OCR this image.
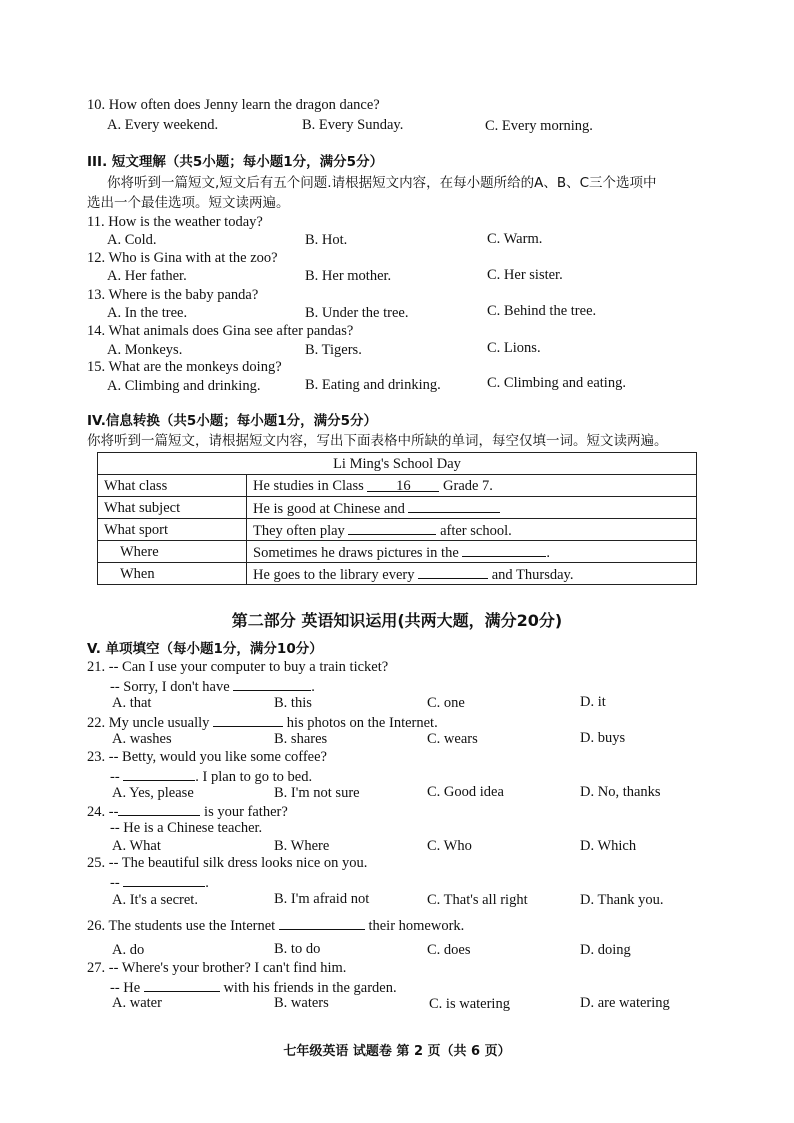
10. How often does Jenny learn the dragon dance?
A. Every weekend.	B. Every Sunday.	C. Every morning.
III. 短文理解（共5小题；每小题1分，满分5分）
你将听到一篇短文,短文后有五个问题.请根据短文内容，在每小题所给的A、B、C三个选项中
选出一个最佳选项。短文读两遍。
11. How is the weather today?
A. Cold.	B. Hot.	C. Warm.
12. Who is Gina with at the zoo?
A. Her father.	B. Her mother.	C. Her sister.
13. Where is the baby panda?
A. In the tree.	B. Under the tree.	C. Behind the tree.
14. What animals does Gina see after pandas?
A. Monkeys.	B. Tigers.	C. Lions.
15. What are the monkeys doing?
A. Climbing and drinking.	B. Eating and drinking.	C. Climbing and eating.
IV.信息转换（共5小题；每小题1分，满分5分）
你将听到一篇短文，请根据短文内容，写出下面表格中所缺的单词，每空仅填一词。短文读两遍。
Li Ming's School Day	
What class	He studies in Class 16 Grade 7.
What subject	He is good at Chinese and
What sport	They often play after school.
Where	Sometimes he draws pictures in the .
When	He goes to the library every and Thursday.
第二部分 英语知识运用(共两大题，满分20分)
V. 单项填空（每小题1分，满分10分）
21. -- Can I use your computer to buy a train ticket?
-- Sorry, I don't have	.
A. that	B. this	C. one	D. it
22. My uncle usually	his photos on the Internet.
A. washes	B. shares	C. wears	D. buys
23. -- Betty, would you like some coffee?
--	. I plan to go to bed.
A. Yes, please	B. I'm not sure	C. Good idea	D. No, thanks
24. --	is your father?
-- He is a Chinese teacher.
A. What	B. Where	C. Who	D. Which
25. -- The beautiful silk dress looks nice on you.
--	.
A. It's a secret.	B. I'm afraid not	C. That's all right	D. Thank you.
26. The students use the Internet	their homework.
A. do	B. to do	C. does	D. doing
27. -- Where's your brother? I can't find him.
-- He	with his friends in the garden.
A. water	B. waters	C. is watering	D. are watering
七年级英语 试题卷 第 2 页（共 6 页）
